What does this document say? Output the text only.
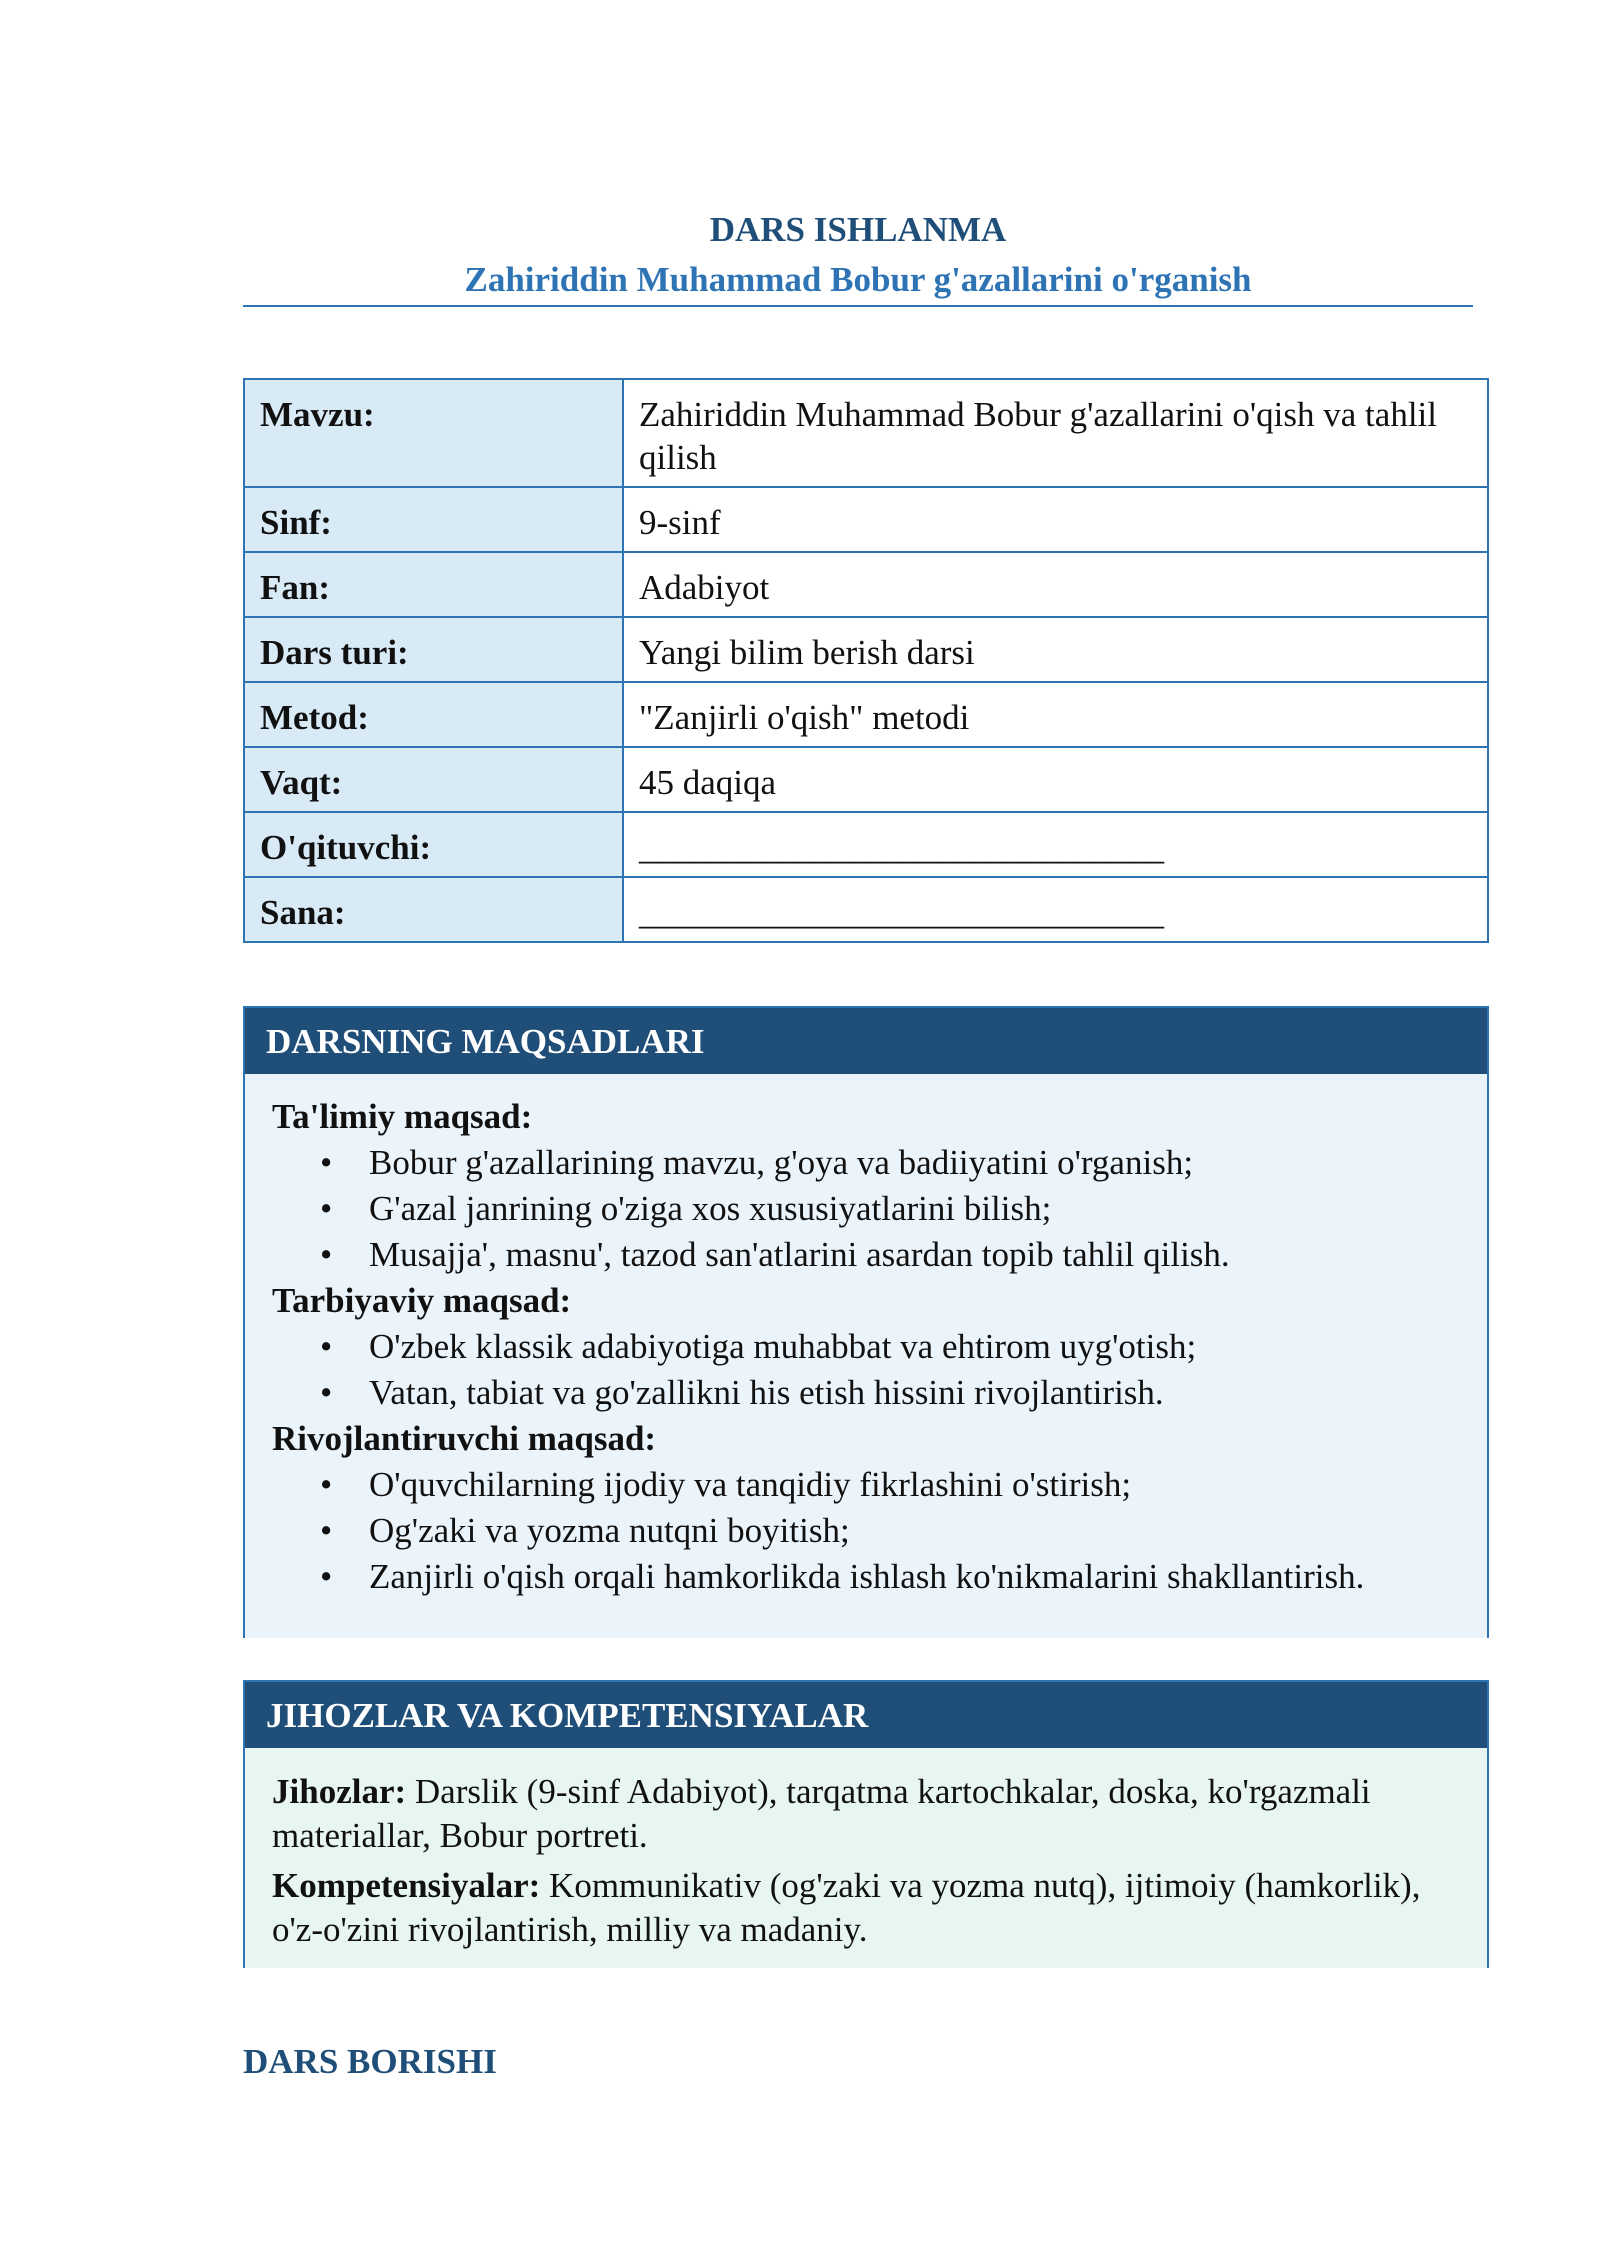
DARS ISHLANMA
Zahiriddin Muhammad Bobur g'azallarini o'rganish
Mavzu:	Zahiriddin Muhammad Bobur g'azallarini o'qish va tahlil qilish
Sinf:	9-sinf
Fan:	Adabiyot
Dars turi:	Yangi bilim berish darsi
Metod:	"Zanjirli o'qish" metodi
Vaqt:	45 daqiqa
O'qituvchi:	______________________________
Sana:	______________________________
DARSNING MAQSADLARI

Ta'limiy maqsad:

• Bobur g'azallarining mavzu, g'oya va badiiyatini o'rganish;
• G'azal janrining o'ziga xos xususiyatlarini bilish;
• Musajja', masnu', tazod san'atlarini asardan topib tahlil qilish.

Tarbiyaviy maqsad:

• O'zbek klassik adabiyotiga muhabbat va ehtirom uyg'otish;
• Vatan, tabiat va go'zallikni his etish hissini rivojlantirish.

Rivojlantiruvchi maqsad:

• O'quvchilarning ijodiy va tanqidiy fikrlashini o'stirish;
• Og'zaki va yozma nutqni boyitish;
• Zanjirli o'qish orqali hamkorlikda ishlash ko'nikmalarini shakllantirish.
JIHOZLAR VA KOMPETENSIYALAR

Jihozlar: Darslik (9-sinf Adabiyot), tarqatma kartochkalar, doska, ko'rgazmali materiallar, Bobur portreti.

Kompetensiyalar: Kommunikativ (og'zaki va yozma nutq), ijtimoiy (hamkorlik), o'z-o'zini rivojlantirish, milliy va madaniy.

DARS BORISHI
